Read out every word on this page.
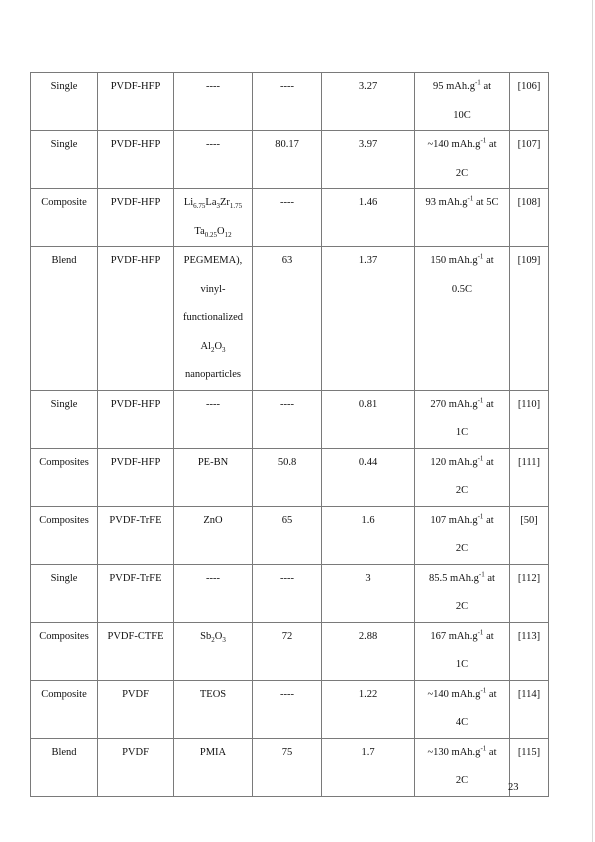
Single	PVDF-HFP	----	----	3.27	95 $mAh.g^{-1}$ at
10C	[106]
Single	PVDF-HFP	----	80.17	3.97	~140 $mAh.g^{-1}$ at
2C	[107]
Composite	PVDF-HFP	$Li_{6.75}La_3Zr_{1.75}$
$Ta_{0.25}O_{12}$	----	1.46	93 $mAh.g^{-1}$ at 5C	[108]
Blend	PVDF-HFP	PEGMEMA),
vinyl-
functionalized
$Al_2O_3$
nanoparticles	63	1.37	150 $mAh.g^{-1}$ at
0.5C	[109]
Single	PVDF-HFP	----	----	0.81	270 $mAh.g^{-1}$ at
1C	[110]
Composites	PVDF-HFP	PE-BN	50.8	0.44	120 $mAh.g^{-1}$ at
2C	[111]
Composites	PVDF-TrFE	ZnO	65	1.6	107 $mAh.g^{-1}$ at
2C	[50]
Single	PVDF-TrFE	----	----	3	85.5 $mAh.g^{-1}$ at
2C	[112]
Composites	PVDF-CTFE	$Sb_2O_3$	72	2.88	167 $mAh.g^{-1}$ at
1C	[113]
Composite	PVDF	TEOS	----	1.22	~140 $mAh.g^{-1}$ at
4C	[114]
Blend	PVDF	PMIA	75	1.7	~130 $mAh.g^{-1}$ at
2C	[115]
23
